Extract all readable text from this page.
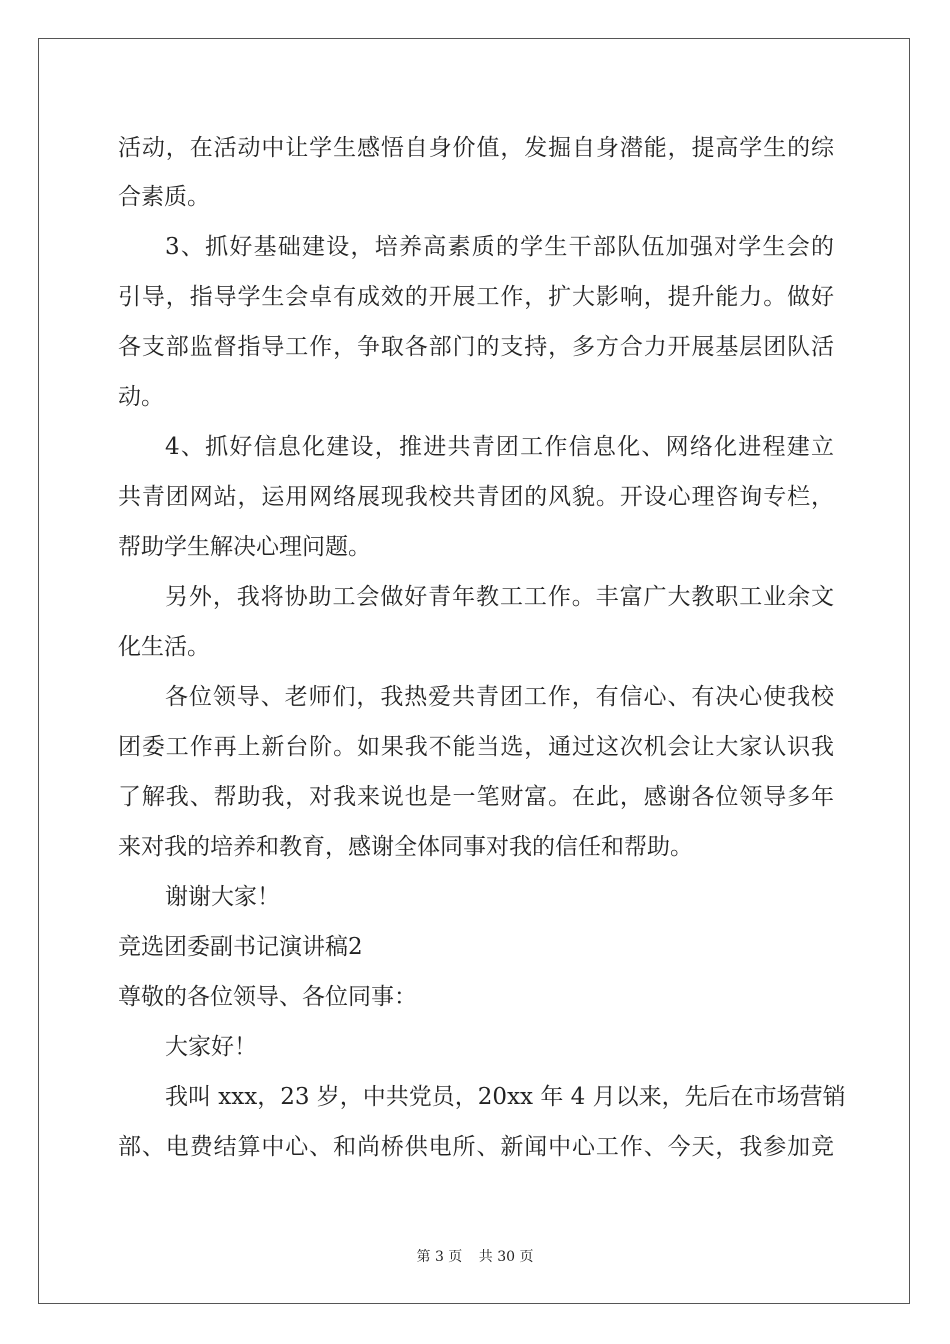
活动，在活动中让学生感悟自身价值，发掘自身潜能，提高学生的综
合素质。
3、抓好基础建设，培养高素质的学生干部队伍加强对学生会的
引导，指导学生会卓有成效的开展工作，扩大影响，提升能力。做好
各支部监督指导工作，争取各部门的支持，多方合力开展基层团队活
动。
4、抓好信息化建设，推进共青团工作信息化、网络化进程建立
共青团网站，运用网络展现我校共青团的风貌。开设心理咨询专栏，
帮助学生解决心理问题。
另外，我将协助工会做好青年教工工作。丰富广大教职工业余文
化生活。
各位领导、老师们，我热爱共青团工作，有信心、有决心使我校
团委工作再上新台阶。如果我不能当选，通过这次机会让大家认识我
了解我、帮助我，对我来说也是一笔财富。在此，感谢各位领导多年
来对我的培养和教育，感谢全体同事对我的信任和帮助。
谢谢大家！
竞选团委副书记演讲稿2
尊敬的各位领导、各位同事：
大家好！
我叫 xxx，23 岁，中共党员，20xx 年 4 月以来，先后在市场营销
部、电费结算中心、和尚桥供电所、新闻中心工作、今天，我参加竞
第 3 页 共 30 页
